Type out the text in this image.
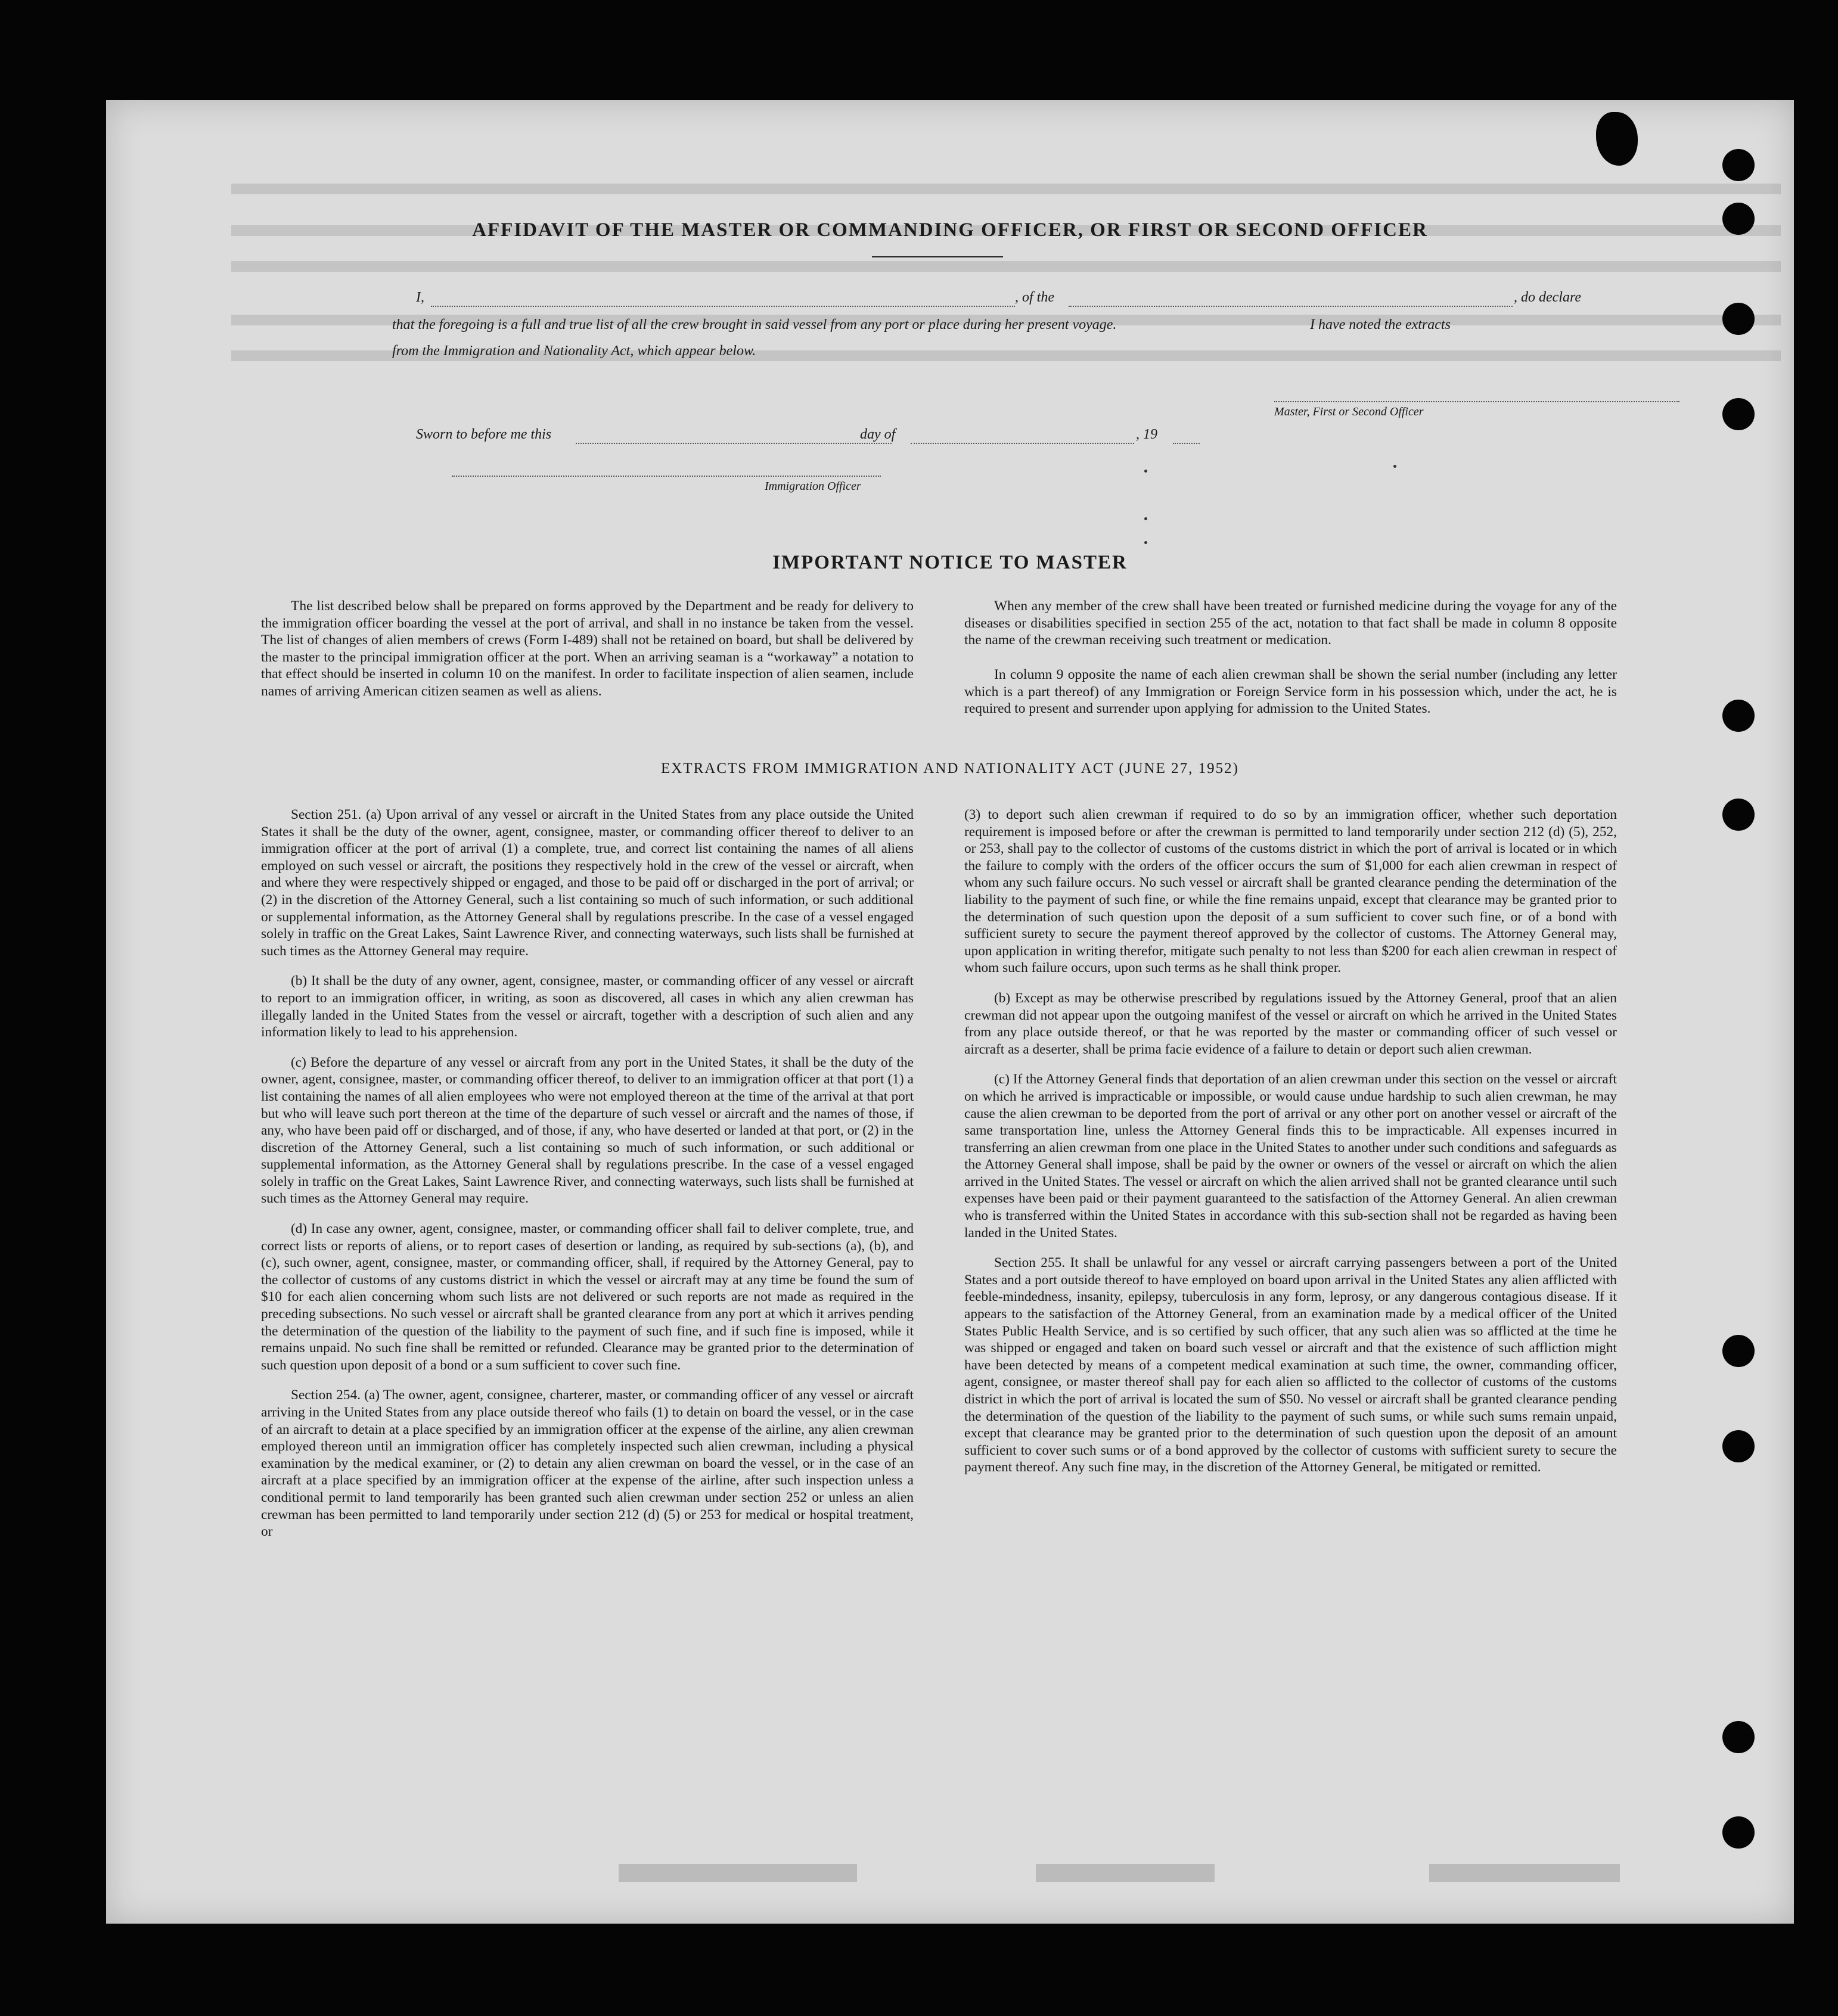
AFFIDAVIT OF THE MASTER OR COMMANDING OFFICER, OR FIRST OR SECOND OFFICER
I,	, of the	, do declare
that the foregoing is a full and true list of all the crew brought in said vessel from any port or place during her present voyage.	I have noted the extracts
from the Immigration and Nationality Act, which appear below.
Master, First or Second Officer
Sworn to before me this	day of	, 19
Immigration Officer
IMPORTANT NOTICE TO MASTER

The list described below shall be prepared on forms approved by the Department and be ready for delivery to the immigration officer boarding the vessel at the port of arrival, and shall in no instance be taken from the vessel. The list of changes of alien members of crews (Form I-489) shall not be retained on board, but shall be delivered by the master to the principal immigration officer at the port. When an arriving seaman is a “workaway” a notation to that effect should be inserted in column 10 on the manifest. In order to facilitate inspection of alien seamen, include names of arriving American citizen seamen as well as aliens.

When any member of the crew shall have been treated or furnished medicine during the voyage for any of the diseases or disabilities specified in section 255 of the act, notation to that fact shall be made in column 8 opposite the name of the crewman receiving such treatment or medication.

In column 9 opposite the name of each alien crewman shall be shown the serial number (including any letter which is a part thereof) of any Immigration or Foreign Service form in his possession which, under the act, he is required to present and surrender upon applying for admission to the United States.

EXTRACTS FROM IMMIGRATION AND NATIONALITY ACT (JUNE 27, 1952)

Section 251. (a) Upon arrival of any vessel or aircraft in the United States from any place outside the United States it shall be the duty of the owner, agent, consignee, master, or commanding officer thereof to deliver to an immigration officer at the port of arrival (1) a complete, true, and correct list containing the names of all aliens employed on such vessel or aircraft, the positions they respectively hold in the crew of the vessel or aircraft, when and where they were respectively shipped or engaged, and those to be paid off or discharged in the port of arrival; or (2) in the discretion of the Attorney General, such a list containing so much of such information, or such additional or supplemental information, as the Attorney General shall by regulations prescribe. In the case of a vessel engaged solely in traffic on the Great Lakes, Saint Lawrence River, and connecting waterways, such lists shall be furnished at such times as the Attorney General may require.

(b) It shall be the duty of any owner, agent, consignee, master, or commanding officer of any vessel or aircraft to report to an immigration officer, in writing, as soon as discovered, all cases in which any alien crewman has illegally landed in the United States from the vessel or aircraft, together with a description of such alien and any information likely to lead to his apprehension.

(c) Before the departure of any vessel or aircraft from any port in the United States, it shall be the duty of the owner, agent, consignee, master, or commanding officer thereof, to deliver to an immigration officer at that port (1) a list containing the names of all alien employees who were not employed thereon at the time of the arrival at that port but who will leave such port thereon at the time of the departure of such vessel or aircraft and the names of those, if any, who have been paid off or discharged, and of those, if any, who have deserted or landed at that port, or (2) in the discretion of the Attorney General, such a list containing so much of such information, or such additional or supplemental information, as the Attorney General shall by regulations prescribe. In the case of a vessel engaged solely in traffic on the Great Lakes, Saint Lawrence River, and connecting waterways, such lists shall be furnished at such times as the Attorney General may require.

(d) In case any owner, agent, consignee, master, or commanding officer shall fail to deliver complete, true, and correct lists or reports of aliens, or to report cases of desertion or landing, as required by sub-sections (a), (b), and (c), such owner, agent, consignee, master, or commanding officer, shall, if required by the Attorney General, pay to the collector of customs of any customs district in which the vessel or aircraft may at any time be found the sum of $10 for each alien concerning whom such lists are not delivered or such reports are not made as required in the preceding subsections. No such vessel or aircraft shall be granted clearance from any port at which it arrives pending the determination of the question of the liability to the payment of such fine, and if such fine is imposed, while it remains unpaid. No such fine shall be remitted or refunded. Clearance may be granted prior to the determination of such question upon deposit of a bond or a sum sufficient to cover such fine.

Section 254. (a) The owner, agent, consignee, charterer, master, or commanding officer of any vessel or aircraft arriving in the United States from any place outside thereof who fails (1) to detain on board the vessel, or in the case of an aircraft to detain at a place specified by an immigration officer at the expense of the airline, any alien crewman employed thereon until an immigration officer has completely inspected such alien crewman, including a physical examination by the medical examiner, or (2) to detain any alien crewman on board the vessel, or in the case of an aircraft at a place specified by an immigration officer at the expense of the airline, after such inspection unless a conditional permit to land temporarily has been granted such alien crewman under section 252 or unless an alien crewman has been permitted to land temporarily under section 212 (d) (5) or 253 for medical or hospital treatment, or

(3) to deport such alien crewman if required to do so by an immigration officer, whether such deportation requirement is imposed before or after the crewman is permitted to land temporarily under section 212 (d) (5), 252, or 253, shall pay to the collector of customs of the customs district in which the port of arrival is located or in which the failure to comply with the orders of the officer occurs the sum of $1,000 for each alien crewman in respect of whom any such failure occurs. No such vessel or aircraft shall be granted clearance pending the determination of the liability to the payment of such fine, or while the fine remains unpaid, except that clearance may be granted prior to the determination of such question upon the deposit of a sum sufficient to cover such fine, or of a bond with sufficient surety to secure the payment thereof approved by the collector of customs. The Attorney General may, upon application in writing therefor, mitigate such penalty to not less than $200 for each alien crewman in respect of whom such failure occurs, upon such terms as he shall think proper.

(b) Except as may be otherwise prescribed by regulations issued by the Attorney General, proof that an alien crewman did not appear upon the outgoing manifest of the vessel or aircraft on which he arrived in the United States from any place outside thereof, or that he was reported by the master or commanding officer of such vessel or aircraft as a deserter, shall be prima facie evidence of a failure to detain or deport such alien crewman.

(c) If the Attorney General finds that deportation of an alien crewman under this section on the vessel or aircraft on which he arrived is impracticable or impossible, or would cause undue hardship to such alien crewman, he may cause the alien crewman to be deported from the port of arrival or any other port on another vessel or aircraft of the same transportation line, unless the Attorney General finds this to be impracticable. All expenses incurred in transferring an alien crewman from one place in the United States to another under such conditions and safeguards as the Attorney General shall impose, shall be paid by the owner or owners of the vessel or aircraft on which the alien arrived in the United States. The vessel or aircraft on which the alien arrived shall not be granted clearance until such expenses have been paid or their payment guaranteed to the satisfaction of the Attorney General. An alien crewman who is transferred within the United States in accordance with this sub-section shall not be regarded as having been landed in the United States.

Section 255. It shall be unlawful for any vessel or aircraft carrying passengers between a port of the United States and a port outside thereof to have employed on board upon arrival in the United States any alien afflicted with feeble-mindedness, insanity, epilepsy, tuberculosis in any form, leprosy, or any dangerous contagious disease. If it appears to the satisfaction of the Attorney General, from an examination made by a medical officer of the United States Public Health Service, and is so certified by such officer, that any such alien was so afflicted at the time he was shipped or engaged and taken on board such vessel or aircraft and that the existence of such affliction might have been detected by means of a competent medical examination at such time, the owner, commanding officer, agent, consignee, or master thereof shall pay for each alien so afflicted to the collector of customs of the customs district in which the port of arrival is located the sum of $50. No vessel or aircraft shall be granted clearance pending the determination of the question of the liability to the payment of such sums, or while such sums remain unpaid, except that clearance may be granted prior to the determination of such question upon the deposit of an amount sufficient to cover such sums or of a bond approved by the collector of customs with sufficient surety to secure the payment thereof. Any such fine may, in the discretion of the Attorney General, be mitigated or remitted.
